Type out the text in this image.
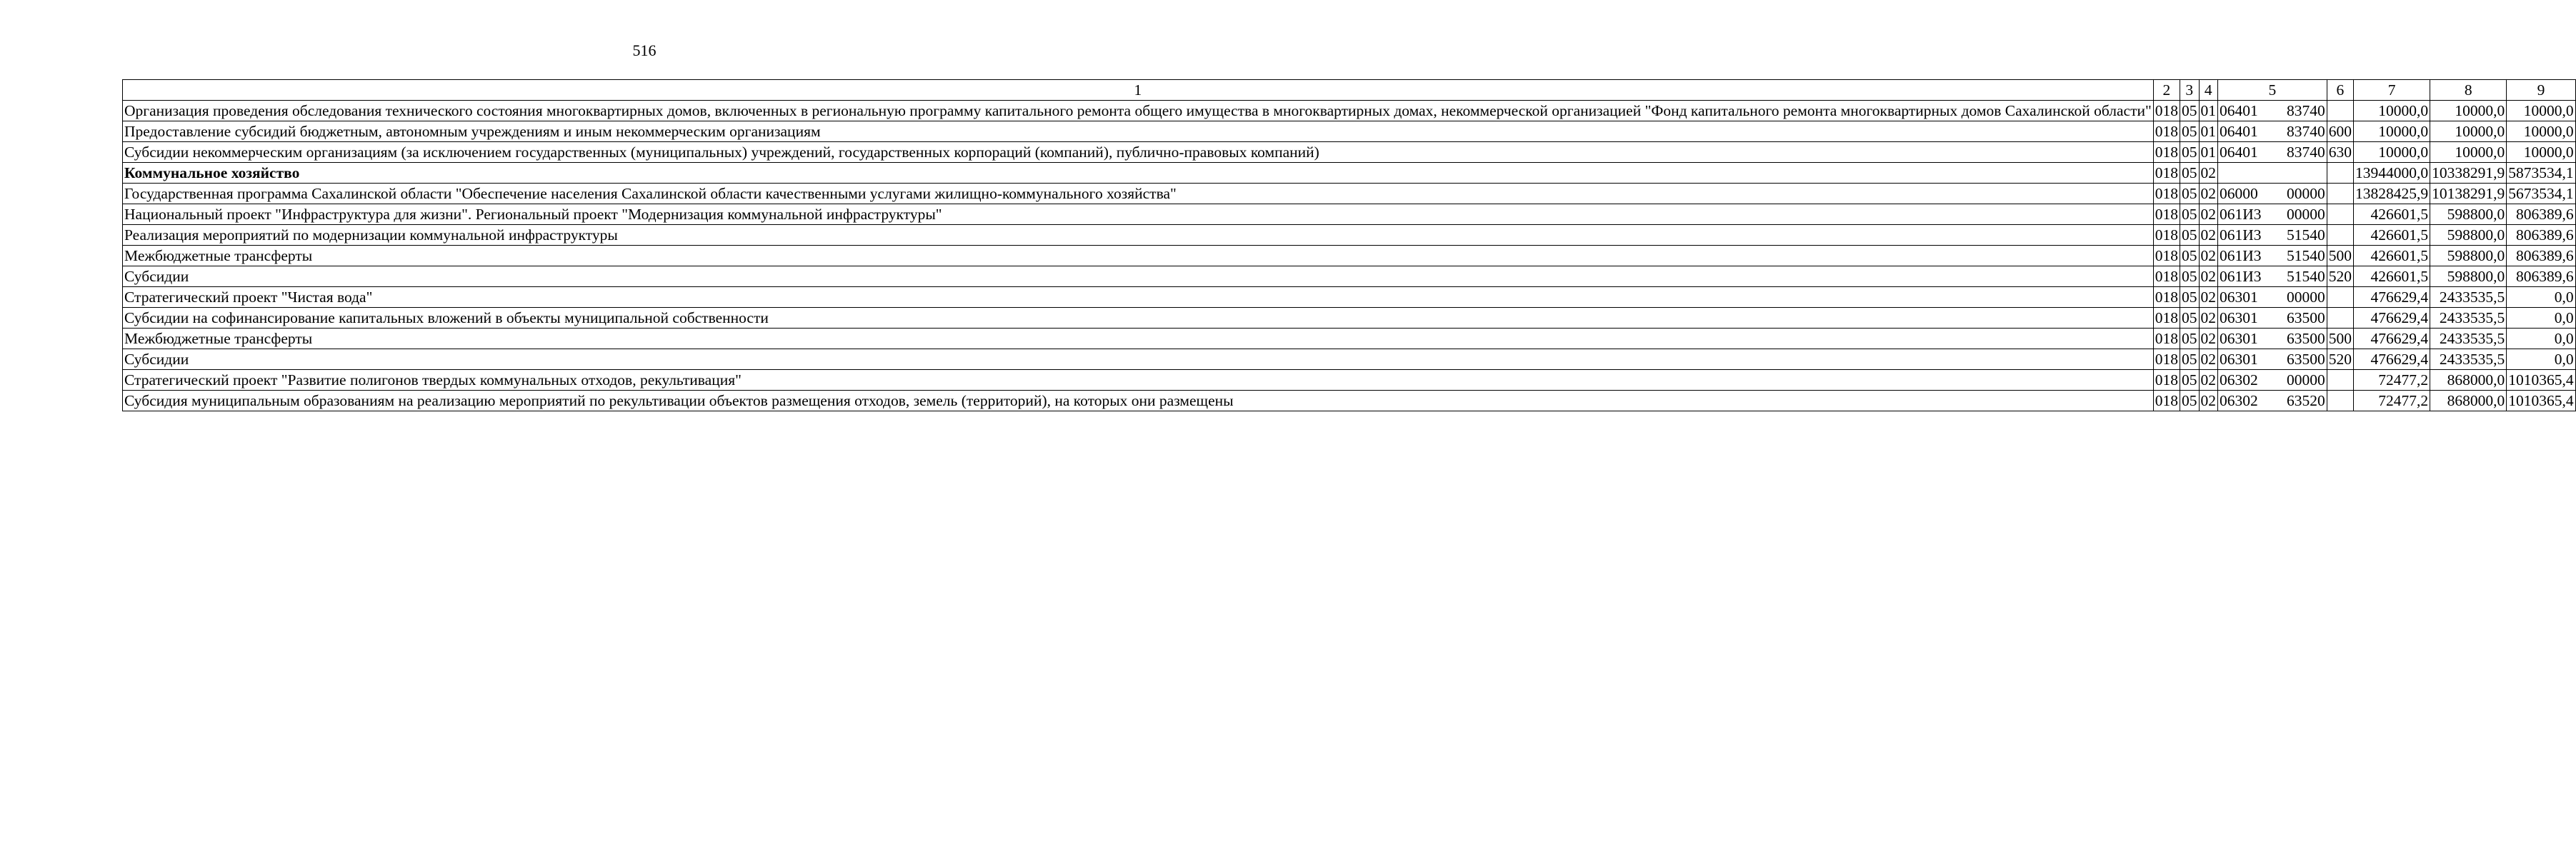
516
1	2	3	4	5	6	7	8	9
Организация проведения обследования технического состояния многоквартирных домов, включенных в региональную программу капитального ремонта общего имущества в многоквартирных домах, некоммерческой организацией "Фонд капитального ремонта многоквартирных домов Сахалинской области"	018	05	01	06401 83740		10000,0	10000,0	10000,0
Предоставление субсидий бюджетным, автономным учреждениям и иным некоммерческим организациям	018	05	01	06401 83740	600	10000,0	10000,0	10000,0
Субсидии некоммерческим организациям (за исключением государственных (муниципальных) учреждений, государственных корпораций (компаний), публично-правовых компаний)	018	05	01	06401 83740	630	10000,0	10000,0	10000,0
Коммунальное хозяйство	018	05	02			13944000,0	10338291,9	5873534,1
Государственная программа Сахалинской области "Обеспечение населения Сахалинской области качественными услугами жилищно-коммунального хозяйства"	018	05	02	06000 00000		13828425,9	10138291,9	5673534,1
Национальный проект "Инфраструктура для жизни". Региональный проект "Модернизация коммунальной инфраструктуры"	018	05	02	061И3 00000		426601,5	598800,0	806389,6
Реализация мероприятий по модернизации коммунальной инфраструктуры	018	05	02	061И3 51540		426601,5	598800,0	806389,6
Межбюджетные трансферты	018	05	02	061И3 51540	500	426601,5	598800,0	806389,6
Субсидии	018	05	02	061И3 51540	520	426601,5	598800,0	806389,6
Стратегический проект "Чистая вода"	018	05	02	06301 00000		476629,4	2433535,5	0,0
Субсидии на софинансирование капитальных вложений в объекты муниципальной собственности	018	05	02	06301 63500		476629,4	2433535,5	0,0
Межбюджетные трансферты	018	05	02	06301 63500	500	476629,4	2433535,5	0,0
Субсидии	018	05	02	06301 63500	520	476629,4	2433535,5	0,0
Стратегический проект "Развитие полигонов твердых коммунальных отходов, рекультивация"	018	05	02	06302 00000		72477,2	868000,0	1010365,4
Субсидия муниципальным образованиям на реализацию мероприятий по рекультивации объектов размещения отходов, земель (территорий), на которых они размещены	018	05	02	06302 63520		72477,2	868000,0	1010365,4
